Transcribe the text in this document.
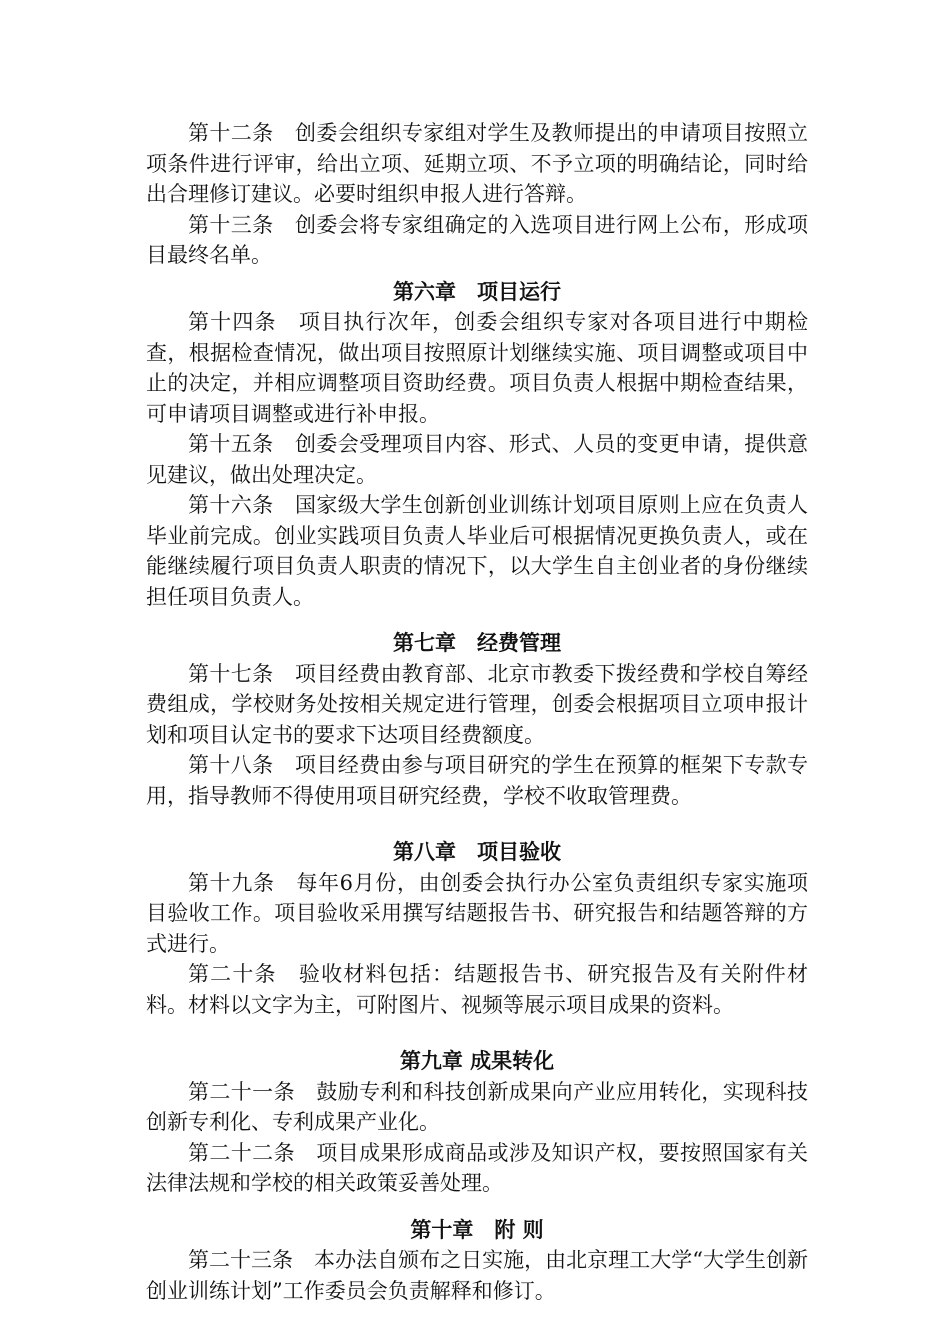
第十二条　创委会组织专家组对学生及教师提出的申请项目按照立项条件进行评审，给出立项、延期立项、不予立项的明确结论，同时给出合理修订建议。必要时组织申报人进行答辩。

第十三条　创委会将专家组确定的入选项目进行网上公布，形成项目最终名单。

第六章　项目运行

第十四条　项目执行次年，创委会组织专家对各项目进行中期检查，根据检查情况，做出项目按照原计划继续实施、项目调整或项目中止的决定，并相应调整项目资助经费。项目负责人根据中期检查结果，可申请项目调整或进行补申报。

第十五条　创委会受理项目内容、形式、人员的变更申请，提供意见建议，做出处理决定。

第十六条　国家级大学生创新创业训练计划项目原则上应在负责人毕业前完成。创业实践项目负责人毕业后可根据情况更换负责人，或在能继续履行项目负责人职责的情况下，以大学生自主创业者的身份继续担任项目负责人。

第七章　经费管理

第十七条　项目经费由教育部、北京市教委下拨经费和学校自筹经费组成，学校财务处按相关规定进行管理，创委会根据项目立项申报计划和项目认定书的要求下达项目经费额度。

第十八条　项目经费由参与项目研究的学生在预算的框架下专款专用，指导教师不得使用项目研究经费，学校不收取管理费。

第八章　项目验收

第十九条　每年6月份，由创委会执行办公室负责组织专家实施项目验收工作。项目验收采用撰写结题报告书、研究报告和结题答辩的方式进行。

第二十条　验收材料包括：结题报告书、研究报告及有关附件材料。材料以文字为主，可附图片、视频等展示项目成果的资料。

第九章 成果转化

第二十一条　鼓励专利和科技创新成果向产业应用转化，实现科技创新专利化、专利成果产业化。

第二十二条　项目成果形成商品或涉及知识产权，要按照国家有关法律法规和学校的相关政策妥善处理。

第十章　附 则

第二十三条　本办法自颁布之日实施，由北京理工大学“大学生创新创业训练计划”工作委员会负责解释和修订。
